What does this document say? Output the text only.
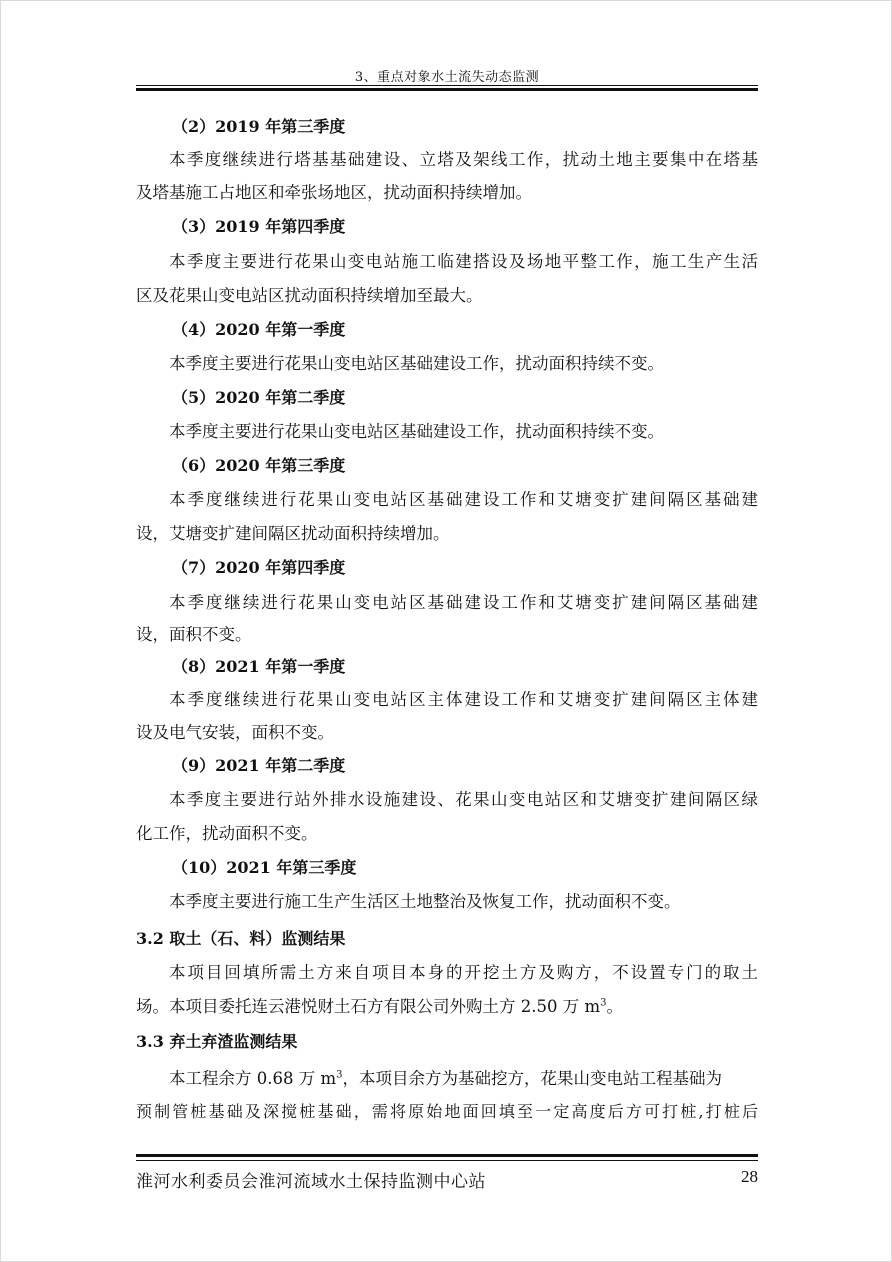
3、重点对象水土流失动态监测
（2）2019 年第三季度
本季度继续进行塔基基础建设、立塔及架线工作，扰动土地主要集中在塔基
及塔基施工占地区和牵张场地区，扰动面积持续增加。
（3）2019 年第四季度
本季度主要进行花果山变电站施工临建搭设及场地平整工作，施工生产生活
区及花果山变电站区扰动面积持续增加至最大。
（4）2020 年第一季度
本季度主要进行花果山变电站区基础建设工作，扰动面积持续不变。
（5）2020 年第二季度
本季度主要进行花果山变电站区基础建设工作，扰动面积持续不变。
（6）2020 年第三季度
本季度继续进行花果山变电站区基础建设工作和艾塘变扩建间隔区基础建
设，艾塘变扩建间隔区扰动面积持续增加。
（7）2020 年第四季度
本季度继续进行花果山变电站区基础建设工作和艾塘变扩建间隔区基础建
设，面积不变。
（8）2021 年第一季度
本季度继续进行花果山变电站区主体建设工作和艾塘变扩建间隔区主体建
设及电气安装，面积不变。
（9）2021 年第二季度
本季度主要进行站外排水设施建设、花果山变电站区和艾塘变扩建间隔区绿
化工作，扰动面积不变。
（10）2021 年第三季度
本季度主要进行施工生产生活区土地整治及恢复工作，扰动面积不变。
3.2 取土（石、料）监测结果
本项目回填所需土方来自项目本身的开挖土方及购方，不设置专门的取土
场。本项目委托连云港悦财土石方有限公司外购土方 2.50 万 $m^3$。
3.3 弃土弃渣监测结果
本工程余方 0.68 万 $m^3$，本项目余方为基础挖方，花果山变电站工程基础为
预制管桩基础及深搅桩基础，需将原始地面回填至一定高度后方可打桩,打桩后
淮河水利委员会淮河流域水土保持监测中心站	28
